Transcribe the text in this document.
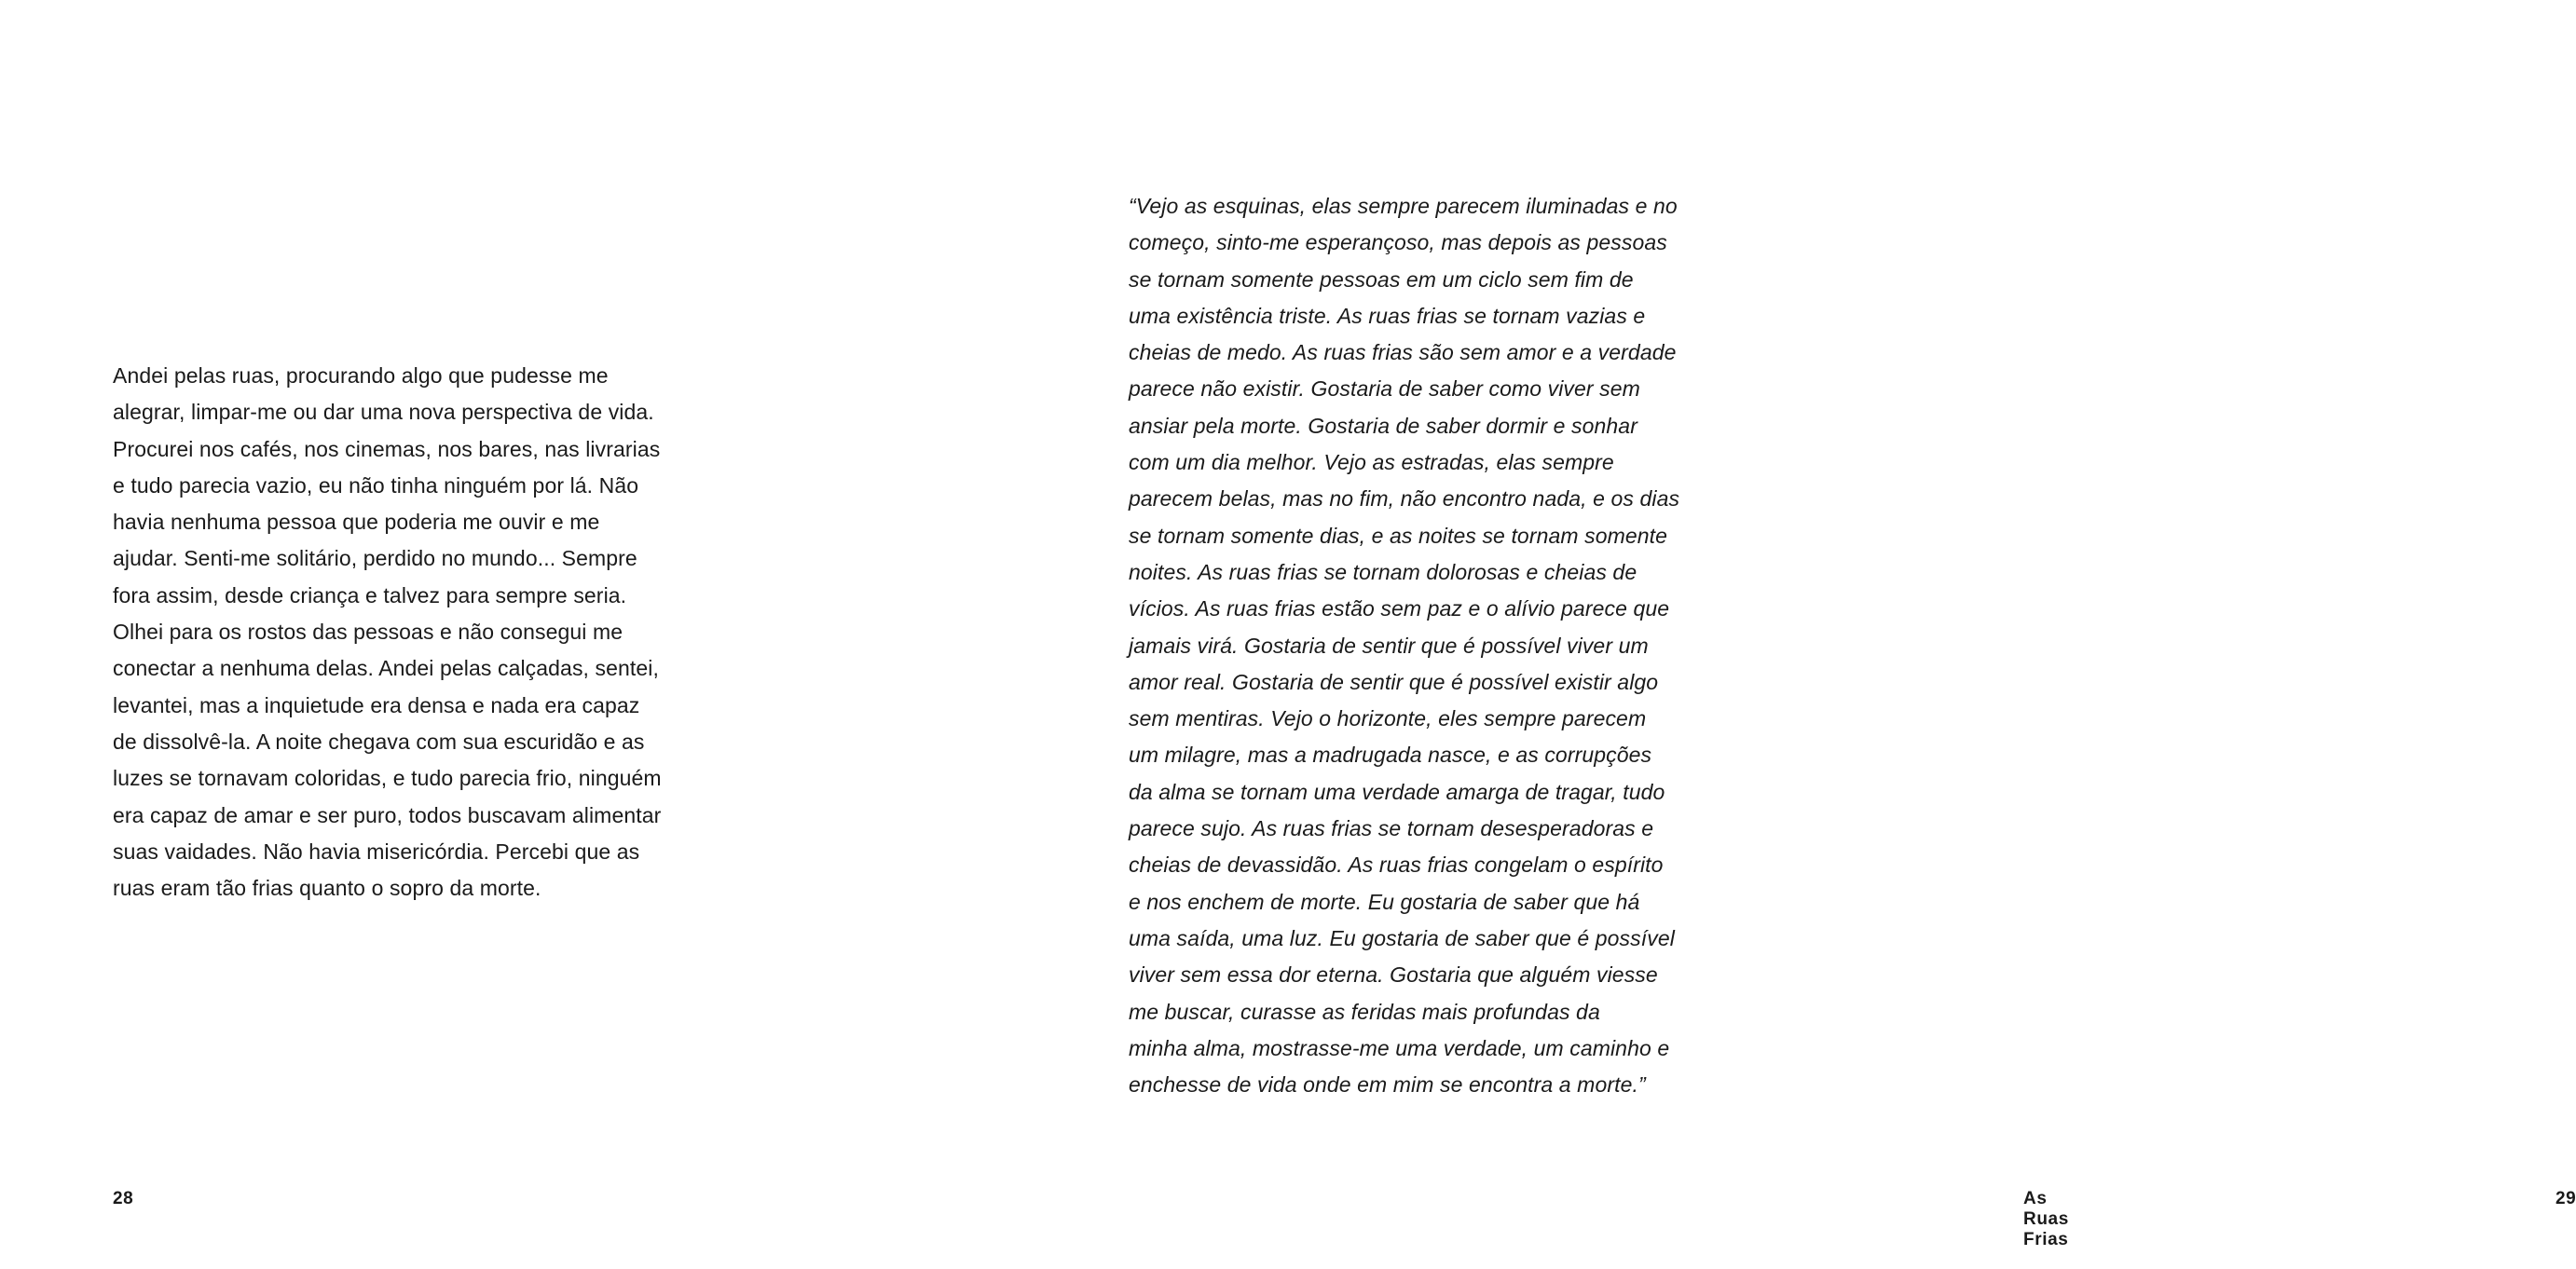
Andei pelas ruas, procurando algo que pudesse me
alegrar, limpar-me ou dar uma nova perspectiva de vida.
Procurei nos cafés, nos cinemas, nos bares, nas livrarias
e tudo parecia vazio, eu não tinha ninguém por lá. Não
havia nenhuma pessoa que poderia me ouvir e me
ajudar. Senti-me solitário, perdido no mundo... Sempre
fora assim, desde criança e talvez para sempre seria.
Olhei para os rostos das pessoas e não consegui me
conectar a nenhuma delas. Andei pelas calçadas, sentei,
levantei, mas a inquietude era densa e nada era capaz
de dissolvê-la. A noite chegava com sua escuridão e as
luzes se tornavam coloridas, e tudo parecia frio, ninguém
era capaz de amar e ser puro, todos buscavam alimentar
suas vaidades. Não havia misericórdia. Percebi que as
ruas eram tão frias quanto o sopro da morte.

28

“Vejo as esquinas, elas sempre parecem iluminadas e no
começo, sinto-me esperançoso, mas depois as pessoas
se tornam somente pessoas em um ciclo sem fim de
uma existência triste. As ruas frias se tornam vazias e
cheias de medo. As ruas frias são sem amor e a verdade
parece não existir. Gostaria de saber como viver sem
ansiar pela morte. Gostaria de saber dormir e sonhar
com um dia melhor. Vejo as estradas, elas sempre
parecem belas, mas no fim, não encontro nada, e os dias
se tornam somente dias, e as noites se tornam somente
noites. As ruas frias se tornam dolorosas e cheias de
vícios. As ruas frias estão sem paz e o alívio parece que
jamais virá. Gostaria de sentir que é possível viver um
amor real. Gostaria de sentir que é possível existir algo
sem mentiras. Vejo o horizonte, eles sempre parecem
um milagre, mas a madrugada nasce, e as corrupções
da alma se tornam uma verdade amarga de tragar, tudo
parece sujo. As ruas frias se tornam desesperadoras e
cheias de devassidão. As ruas frias congelam o espírito
e nos enchem de morte. Eu gostaria de saber que há
uma saída, uma luz. Eu gostaria de saber que é possível
viver sem essa dor eterna. Gostaria que alguém viesse
me buscar, curasse as feridas mais profundas da
minha alma, mostrasse-me uma verdade, um caminho e
enchesse de vida onde em mim se encontra a morte.”

As Ruas Frias

29
